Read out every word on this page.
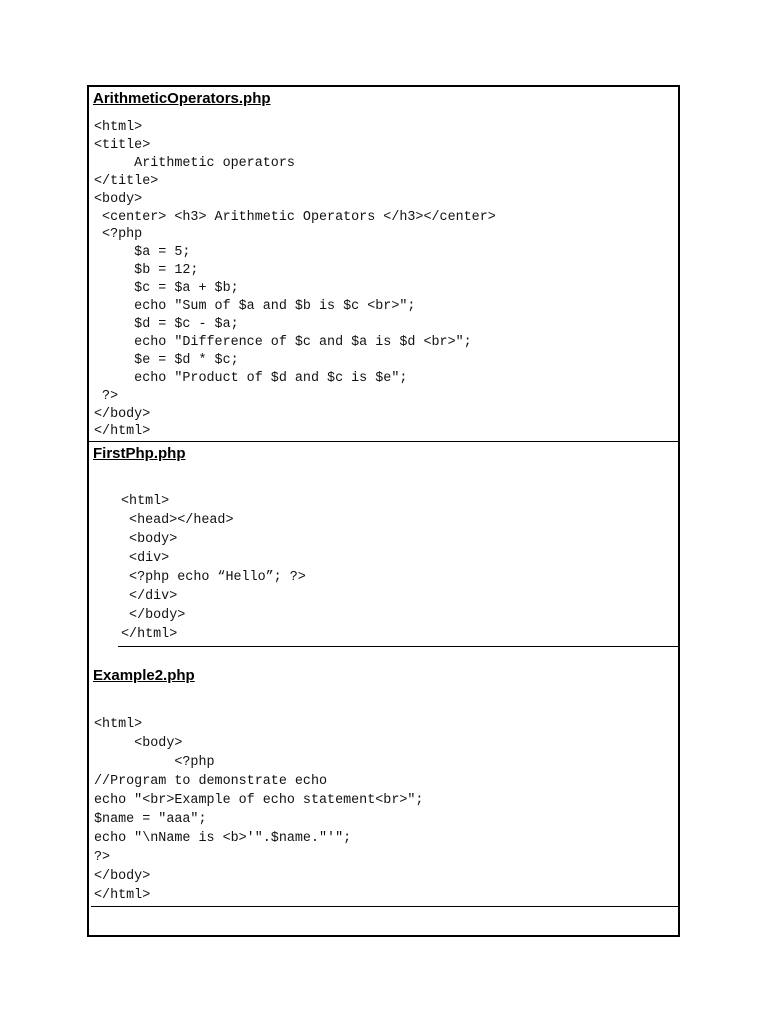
ArithmeticOperators.php
<html>
<title>
Arithmetic operators
</title>
<body>
<center> <h3> Arithmetic Operators </h3></center>
<?php
$a = 5;
$b = 12;
$c = $a + $b;
echo "Sum of $a and $b is $c <br>";
$d = $c - $a;
echo "Difference of $c and $a is $d <br>";
$e = $d * $c;
echo "Product of $d and $c is $e";
?>
</body>
</html>
FirstPhp.php
<html>
<head></head>
<body>
<div>
<?php echo “Hello”; ?>
</div>
</body>
</html>
Example2.php
<html>
<body>
<?php
//Program to demonstrate echo
echo "<br>Example of echo statement<br>";
$name = "aaa";
echo "\nName is <b>'".$name."'";
?>
</body>
</html>
